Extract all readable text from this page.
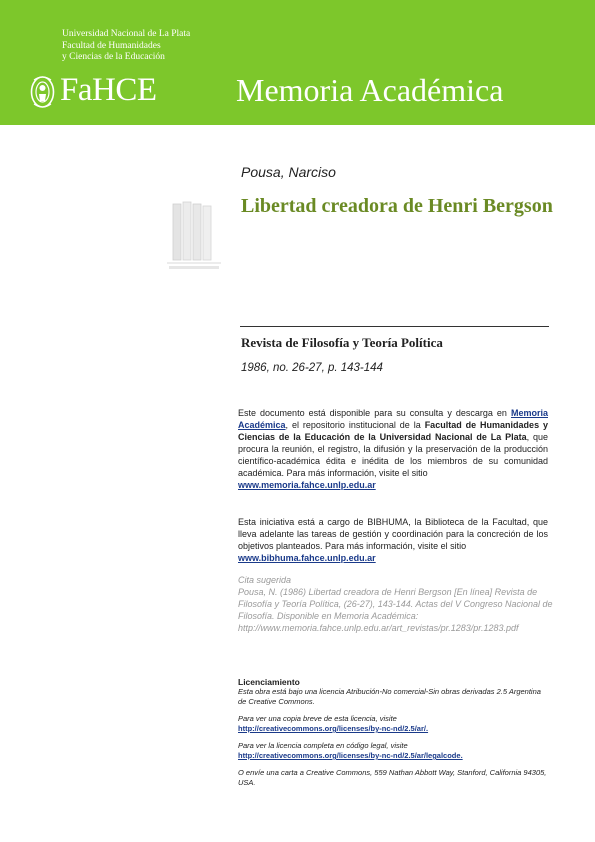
Universidad Nacional de La Plata
Facultad de Humanidades
y Ciencias de la Educación
FaHCE Memoria Académica
Pousa, Narciso
Libertad creadora de Henri Bergson
Revista de Filosofía y Teoría Política
1986, no. 26-27, p. 143-144
Este documento está disponible para su consulta y descarga en Memoria Académica, el repositorio institucional de la Facultad de Humanidades y Ciencias de la Educación de la Universidad Nacional de La Plata, que procura la reunión, el registro, la difusión y la preservación de la producción científico-académica édita e inédita de los miembros de su comunidad académica. Para más información, visite el sitio
www.memoria.fahce.unlp.edu.ar
Esta iniciativa está a cargo de BIBHUMA, la Biblioteca de la Facultad, que lleva adelante las tareas de gestión y coordinación para la concreción de los objetivos planteados. Para más información, visite el sitio
www.bibhuma.fahce.unlp.edu.ar
Cita sugerida
Pousa, N. (1986) Libertad creadora de Henri Bergson [En línea] Revista de Filosofía y Teoría Política, (26-27), 143-144. Actas del V Congreso Nacional de Filosofía. Disponible en Memoria Académica: http://www.memoria.fahce.unlp.edu.ar/art_revistas/pr.1283/pr.1283.pdf
Licenciamiento
Esta obra está bajo una licencia Atribución-No comercial-Sin obras derivadas 2.5 Argentina de Creative Commons.
Para ver una copia breve de esta licencia, visite
http://creativecommons.org/licenses/by-nc-nd/2.5/ar/.
Para ver la licencia completa en código legal, visite
http://creativecommons.org/licenses/by-nc-nd/2.5/ar/legalcode.
O envíe una carta a Creative Commons, 559 Nathan Abbott Way, Stanford, California 94305, USA.
